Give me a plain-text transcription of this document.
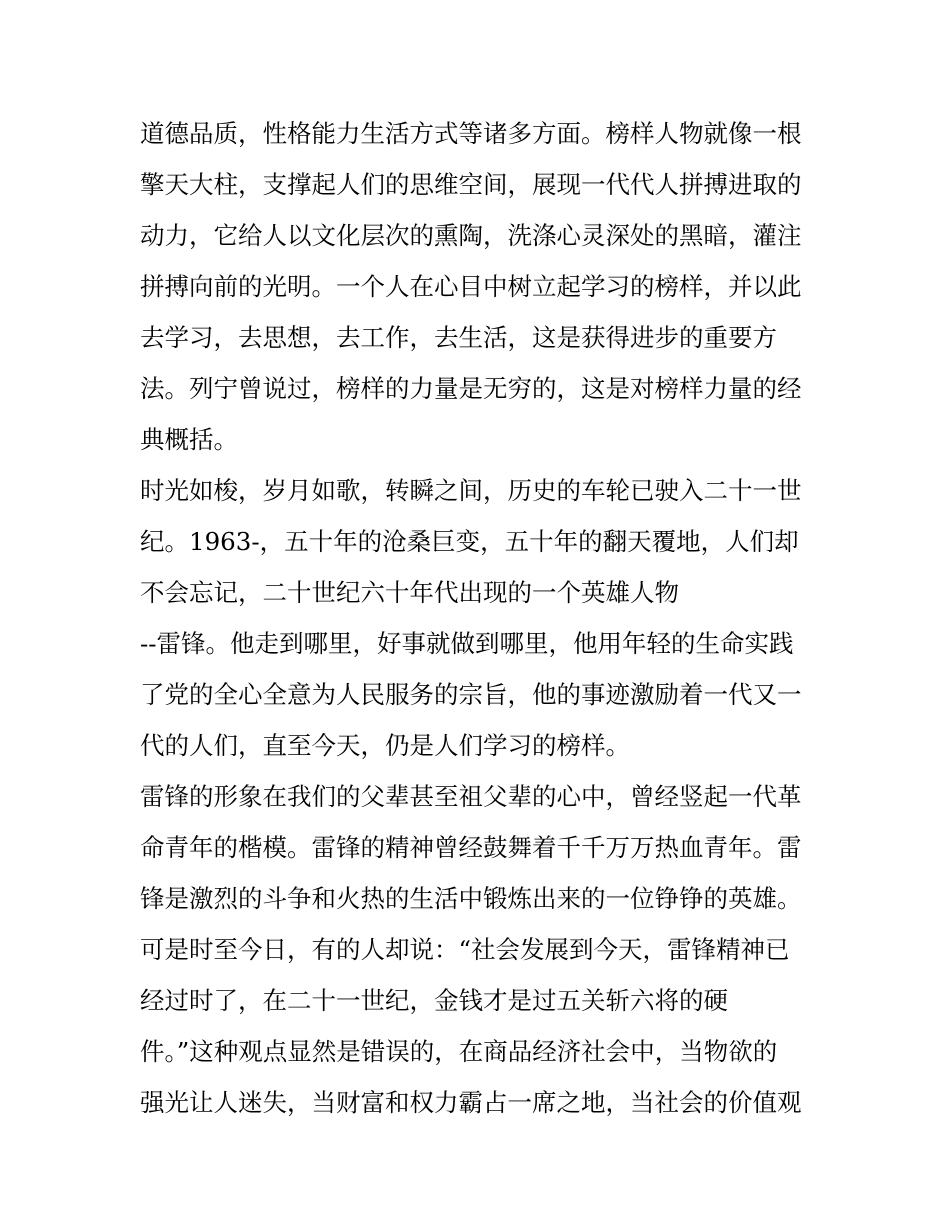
道德品质，性格能力生活方式等诸多方面。榜样人物就像一根
擎天大柱，支撑起人们的思维空间，展现一代代人拼搏进取的
动力，它给人以文化层次的熏陶，洗涤心灵深处的黑暗，灌注
拼搏向前的光明。一个人在心目中树立起学习的榜样，并以此
去学习，去思想，去工作，去生活，这是获得进步的重要方
法。列宁曾说过，榜样的力量是无穷的，这是对榜样力量的经
典概括。
时光如梭，岁月如歌，转瞬之间，历史的车轮已驶入二十一世
纪。1963-，五十年的沧桑巨变，五十年的翻天覆地，人们却
不会忘记，二十世纪六十年代出现的一个英雄人物
--雷锋。他走到哪里，好事就做到哪里，他用年轻的生命实践
了党的全心全意为人民服务的宗旨，他的事迹激励着一代又一
代的人们，直至今天，仍是人们学习的榜样。
雷锋的形象在我们的父辈甚至祖父辈的心中，曾经竖起一代革
命青年的楷模。雷锋的精神曾经鼓舞着千千万万热血青年。雷
锋是激烈的斗争和火热的生活中锻炼出来的一位铮铮的英雄。
可是时至今日，有的人却说：“社会发展到今天，雷锋精神已
经过时了，在二十一世纪，金钱才是过五关斩六将的硬
件。”这种观点显然是错误的，在商品经济社会中，当物欲的
强光让人迷失，当财富和权力霸占一席之地，当社会的价值观
